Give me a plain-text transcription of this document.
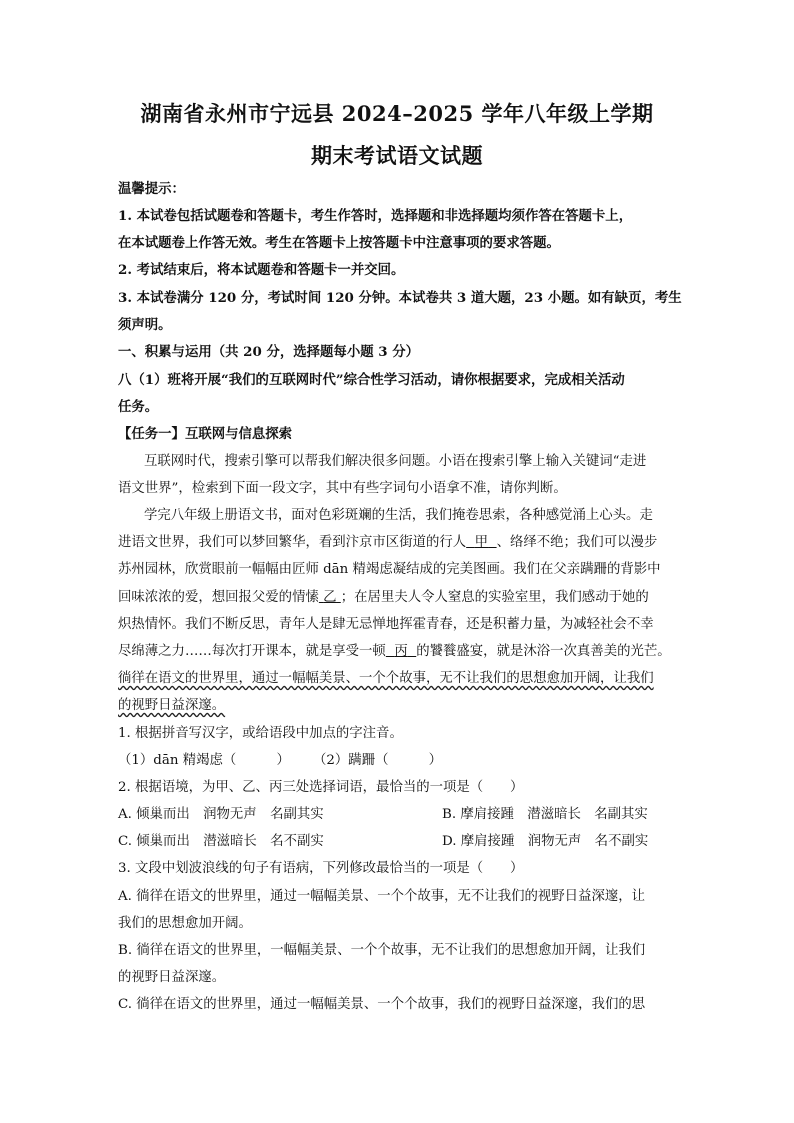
湖南省永州市宁远县 2024–2025 学年八年级上学期
期末考试语文试题
温馨提示：
1. 本试卷包括试题卷和答题卡，考生作答时，选择题和非选择题均须作答在答题卡上，
在本试题卷上作答无效。考生在答题卡上按答题卡中注意事项的要求答题。
2. 考试结束后，将本试题卷和答题卡一并交回。
3. 本试卷满分 120 分，考试时间 120 分钟。本试卷共 3 道大题，23 小题。如有缺页，考生
须声明。
一、积累与运用（共 20 分，选择题每小题 3 分）
八（1）班将开展“我们的互联网时代”综合性学习活动，请你根据要求，完成相关活动
任务。
【任务一】互联网与信息探索
互联网时代，搜索引擎可以帮我们解决很多问题。小语在搜索引擎上输入关键词“走进
语文世界”，检索到下面一段文字，其中有些字词句小语拿不准，请你判断。
学完八年级上册语文书，面对色彩斑斓的生活，我们掩卷思索，各种感觉涌上心头。走
进语文世界，我们可以梦回繁华，看到汴京市区街道的行人 甲 、络绎不绝；我们可以漫步
苏州园林，欣赏眼前一幅幅由匠师 dān 精竭虑凝结成的完美图画。我们在父亲蹒跚的背影中
回味浓浓的爱，想回报父爱的情愫 乙 ；在居里夫人令人窒息的实验室里，我们感动于她的
炽热情怀。我们不断反思，青年人是肆无忌惮地挥霍青春，还是积蓄力量，为减轻社会不幸
尽绵薄之力……每次打开课本，就是享受一顿 丙 的饕餮盛宴，就是沐浴一次真善美的光芒。
徜徉在语文的世界里，通过一幅幅美景、一个个故事，无不让我们的思想愈加开阔，让我们
的视野日益深邃。
1. 根据拼音写汉字，或给语段中加点的字注音。
（1）dān 精竭虑（　　　） （2）蹒跚（　　　）
2. 根据语境，为甲、乙、丙三处选择词语，最恰当的一项是（　　）
A. 倾巢而出　润物无声　名副其实	B. 摩肩接踵　潜滋暗长　名副其实
C. 倾巢而出　潜滋暗长　名不副实	D. 摩肩接踵　润物无声　名不副实
3. 文段中划波浪线的句子有语病，下列修改最恰当的一项是（　　）
A. 徜徉在语文的世界里，通过一幅幅美景、一个个故事，无不让我们的视野日益深邃，让
我们的思想愈加开阔。
B. 徜徉在语文的世界里，一幅幅美景、一个个故事，无不让我们的思想愈加开阔，让我们
的视野日益深邃。
C. 徜徉在语文的世界里，通过一幅幅美景、一个个故事，我们的视野日益深邃，我们的思
